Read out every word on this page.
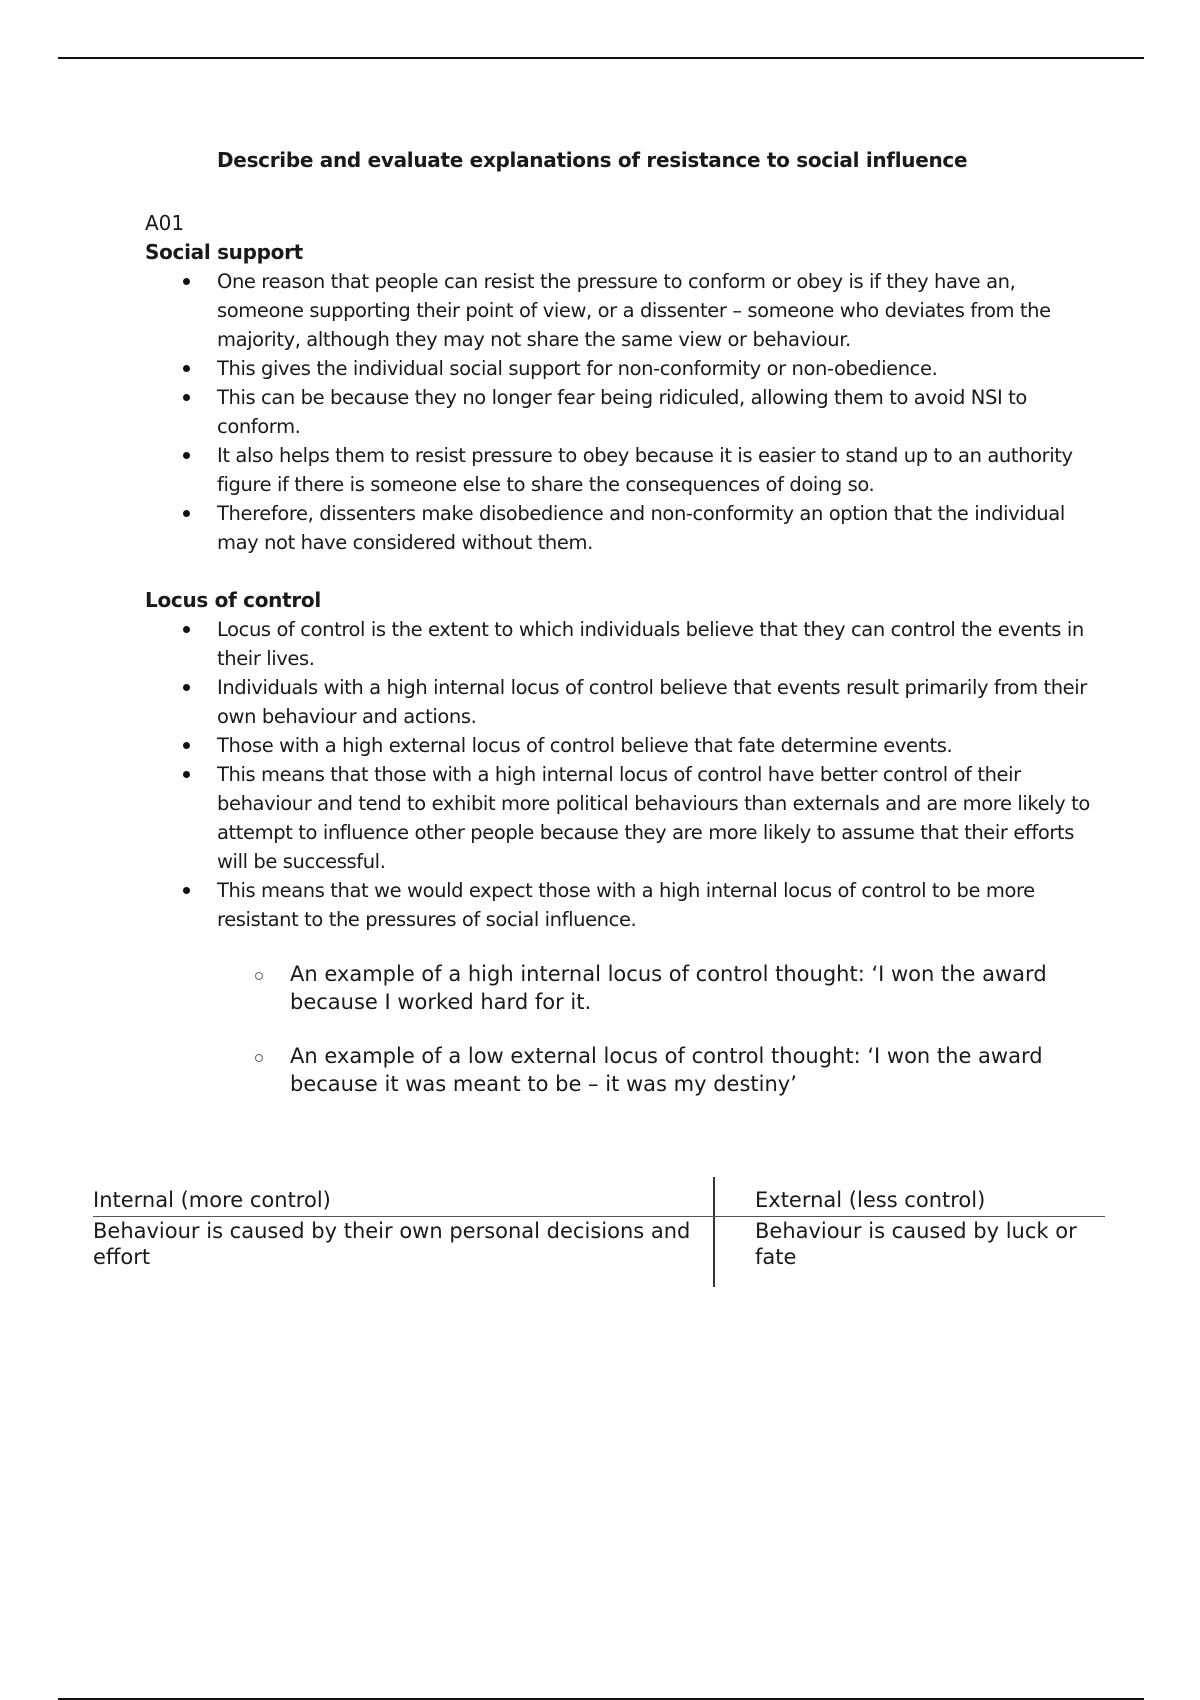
Describe and evaluate explanations of resistance to social influence
A01
Social support
One reason that people can resist the pressure to conform or obey is if they have an, someone supporting their point of view, or a dissenter – someone who deviates from the majority, although they may not share the same view or behaviour.
This gives the individual social support for non-conformity or non-obedience.
This can be because they no longer fear being ridiculed, allowing them to avoid NSI to conform.
It also helps them to resist pressure to obey because it is easier to stand up to an authority figure if there is someone else to share the consequences of doing so.
Therefore, dissenters make disobedience and non-conformity an option that the individual may not have considered without them.
Locus of control
Locus of control is the extent to which individuals believe that they can control the events in their lives.
Individuals with a high internal locus of control believe that events result primarily from their own behaviour and actions.
Those with a high external locus of control believe that fate determine events.
This means that those with a high internal locus of control have better control of their behaviour and tend to exhibit more political behaviours than externals and are more likely to attempt to influence other people because they are more likely to assume that their efforts will be successful.
This means that we would expect those with a high internal locus of control to be more resistant to the pressures of social influence.
An example of a high internal locus of control thought: ‘I won the award because I worked hard for it.
An example of a low external locus of control thought: ‘I won the award because it was meant to be – it was my destiny’
Internal (more control)	External (less control)
Behaviour is caused by their own personal decisions and effort
Behaviour is caused by luck or fate
